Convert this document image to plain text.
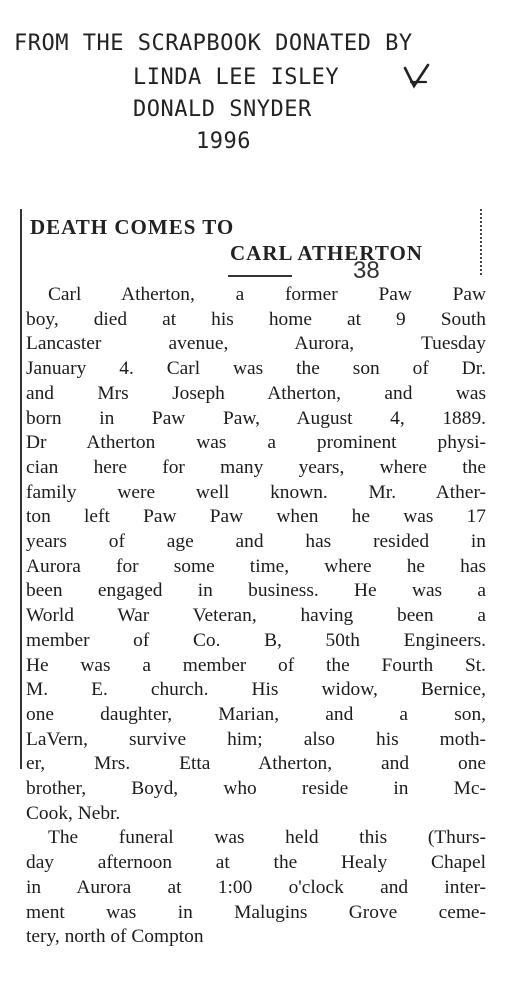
FROM THE SCRAPBOOK DONATED BY
LINDA LEE ISLEY
DONALD SNYDER
1996
DEATH COMES TO
CARL ATHERTON
38
Carl Atherton, a former Paw Paw
boy, died at his home at 9 South
Lancaster avenue, Aurora, Tuesday
January 4. Carl was the son of Dr.
and Mrs Joseph Atherton, and was
born in Paw Paw, August 4, 1889.
Dr Atherton was a prominent physi-
cian here for many years, where the
family were well known. Mr. Ather-
ton left Paw Paw when he was 17
years of age and has resided in
Aurora for some time, where he has
been engaged in business. He was a
World War Veteran, having been a
member of Co. B, 50th Engineers.
He was a member of the Fourth St.
M. E. church. His widow, Bernice,
one daughter, Marian, and a son,
LaVern, survive him; also his moth-
er, Mrs. Etta Atherton, and one
brother, Boyd, who reside in Mc-
Cook, Nebr.
The funeral was held this (Thurs-
day afternoon at the Healy Chapel
in Aurora at 1:00 o'clock and inter-
ment was in Malugins Grove ceme-
tery, north of Compton
